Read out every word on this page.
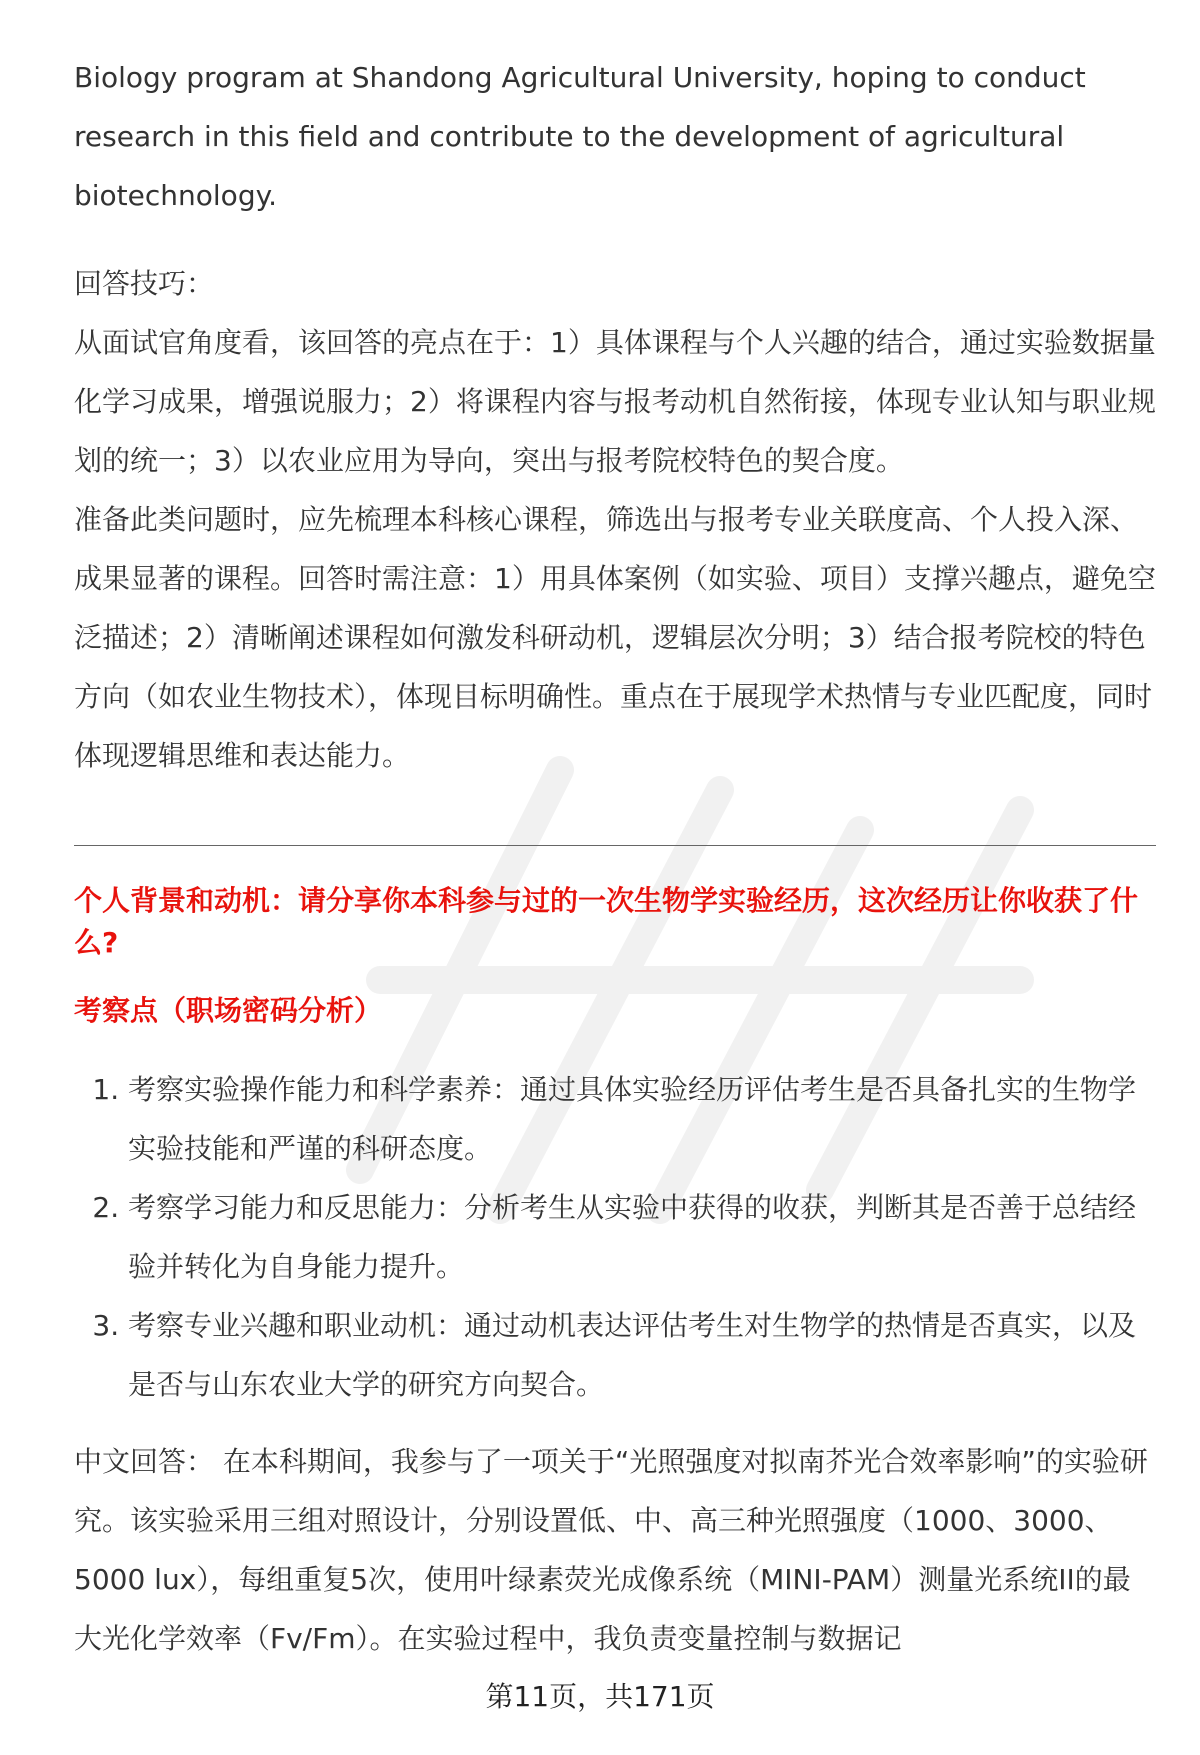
Biology program at Shandong Agricultural University, hoping to conduct research in this field and contribute to the development of agricultural biotechnology.

回答技巧：

从面试官角度看，该回答的亮点在于：1）具体课程与个人兴趣的结合，通过实验数据量化学习成果，增强说服力；2）将课程内容与报考动机自然衔接，体现专业认知与职业规划的统一；3）以农业应用为导向，突出与报考院校特色的契合度。

准备此类问题时，应先梳理本科核心课程，筛选出与报考专业关联度高、个人投入深、成果显著的课程。回答时需注意：1）用具体案例（如实验、项目）支撑兴趣点，避免空泛描述；2）清晰阐述课程如何激发科研动机，逻辑层次分明；3）结合报考院校的特色方向（如农业生物技术），体现目标明确性。重点在于展现学术热情与专业匹配度，同时体现逻辑思维和表达能力。

个人背景和动机：请分享你本科参与过的一次生物学实验经历，这次经历让你收获了什么?

考察点（职场密码分析）

1. 考察实验操作能力和科学素养：通过具体实验经历评估考生是否具备扎实的生物学实验技能和严谨的科研态度。
2. 考察学习能力和反思能力：分析考生从实验中获得的收获，判断其是否善于总结经验并转化为自身能力提升。
3. 考察专业兴趣和职业动机：通过动机表达评估考生对生物学的热情是否真实，以及是否与山东农业大学的研究方向契合。

中文回答： 在本科期间，我参与了一项关于“光照强度对拟南芥光合效率影响”的实验研究。该实验采用三组对照设计，分别设置低、中、高三种光照强度（1000、3000、5000 lux），每组重复5次，使用叶绿素荧光成像系统（MINI-PAM）测量光系统II的最大光化学效率（Fv/Fm）。在实验过程中，我负责变量控制与数据记

第11页，共171页
